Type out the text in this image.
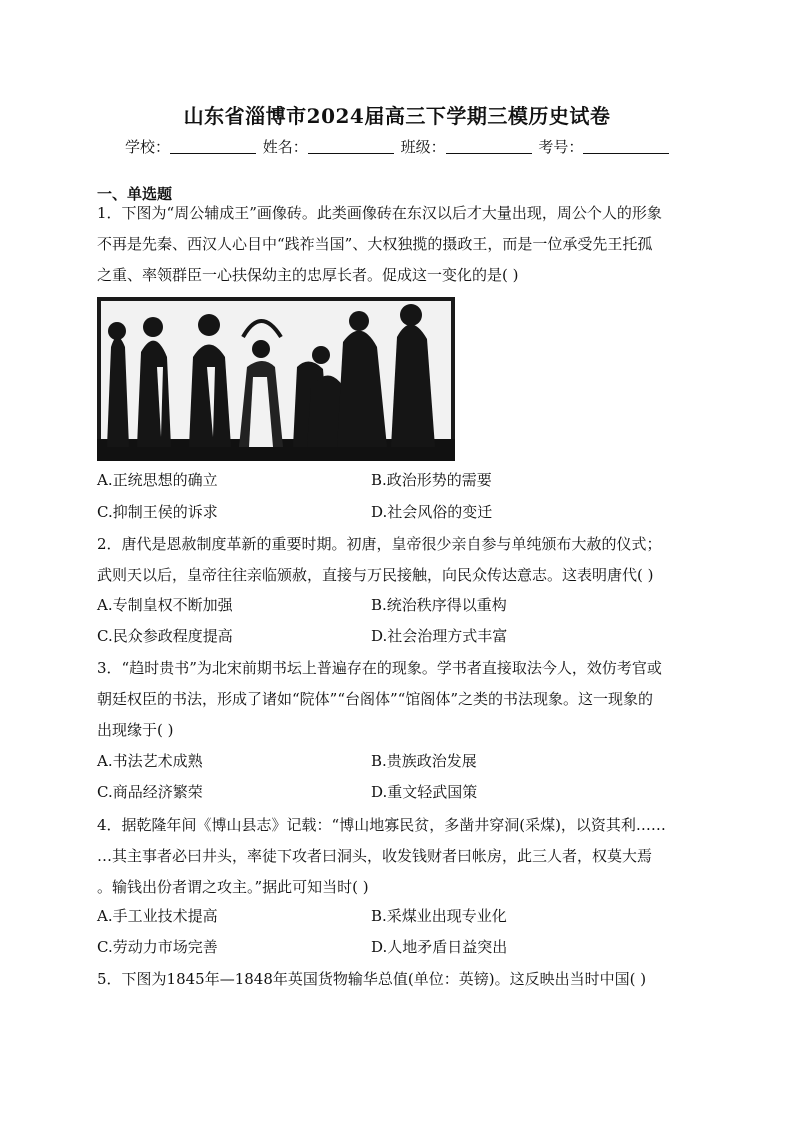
山东省淄博市2024届高三下学期三模历史试卷
学校：	姓名：	班级：	考号：
一、单选题
1．下图为“周公辅成王”画像砖。此类画像砖在东汉以后才大量出现，周公个人的形象
不再是先秦、西汉人心目中“践祚当国”、大权独揽的摄政王，而是一位承受先王托孤
之重、率领群臣一心扶保幼主的忠厚长者。促成这一变化的是( )
A.正统思想的确立	B.政治形势的需要
C.抑制王侯的诉求	D.社会风俗的变迁
2．唐代是恩赦制度革新的重要时期。初唐，皇帝很少亲自参与单纯颁布大赦的仪式；
武则天以后，皇帝往往亲临颁赦，直接与万民接触，向民众传达意志。这表明唐代( )
A.专制皇权不断加强	B.统治秩序得以重构
C.民众参政程度提高	D.社会治理方式丰富
3．“趋时贵书”为北宋前期书坛上普遍存在的现象。学书者直接取法今人，效仿考官或
朝廷权臣的书法，形成了诸如“院体”“台阁体”“馆阁体”之类的书法现象。这一现象的
出现缘于( )
A.书法艺术成熟	B.贵族政治发展
C.商品经济繁荣	D.重文轻武国策
4．据乾隆年间《博山县志》记载：“博山地寡民贫，多凿井穿洞(采煤)，以资其利……
…其主事者必曰井头，率徒下攻者曰洞头，收发钱财者曰帐房，此三人者，权莫大焉
。输钱出份者谓之攻主。”据此可知当时( )
A.手工业技术提高	B.采煤业出现专业化
C.劳动力市场完善	D.人地矛盾日益突出
5．下图为1845年—1848年英国货物输华总值(单位：英镑)。这反映出当时中国( )
